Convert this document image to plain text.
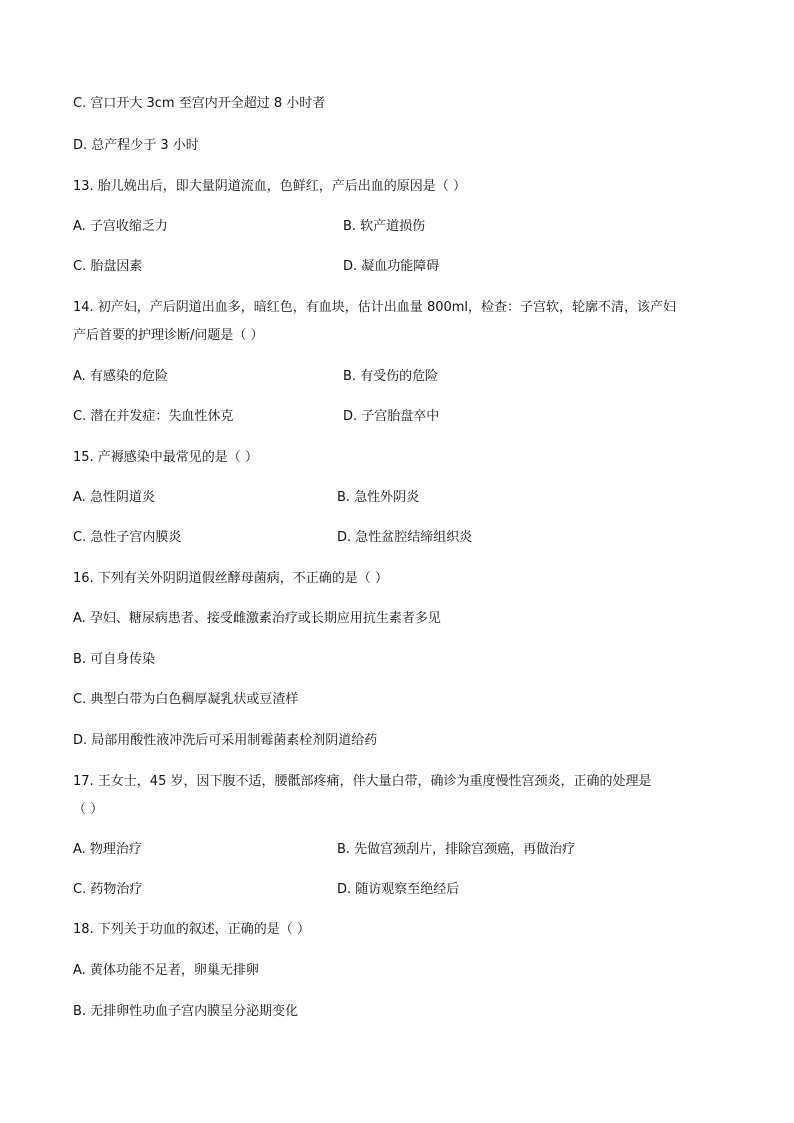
C. 宫口开大 3cm 至宫内开全超过 8 小时者
D. 总产程少于 3 小时
13. 胎儿娩出后，即大量阴道流血，色鲜红，产后出血的原因是（ ）
A. 子宫收缩乏力	B. 软产道损伤
C. 胎盘因素	D. 凝血功能障碍
14. 初产妇，产后阴道出血多，暗红色，有血块，估计出血量 800ml，检查：子宫软，轮廓不清，该产妇
产后首要的护理诊断/问题是（ ）
A. 有感染的危险	B. 有受伤的危险
C. 潜在并发症：失血性休克	D. 子宫胎盘卒中
15. 产褥感染中最常见的是（ ）
A. 急性阴道炎	B. 急性外阴炎
C. 急性子宫内膜炎	D. 急性盆腔结缔组织炎
16. 下列有关外阴阴道假丝酵母菌病，不正确的是（ ）
A. 孕妇、糖尿病患者、接受雌激素治疗或长期应用抗生素者多见
B. 可自身传染
C. 典型白带为白色稠厚凝乳状或豆渣样
D. 局部用酸性液冲洗后可采用制霉菌素栓剂阴道给药
17. 王女士，45 岁，因下腹不适，腰骶部疼痛，伴大量白带，确诊为重度慢性宫颈炎，正确的处理是
（ ）
A. 物理治疗	B. 先做宫颈刮片，排除宫颈癌，再做治疗
C. 药物治疗	D. 随访观察至绝经后
18. 下列关于功血的叙述，正确的是（ ）
A. 黄体功能不足者，卵巢无排卵
B. 无排卵性功血子宫内膜呈分泌期变化
